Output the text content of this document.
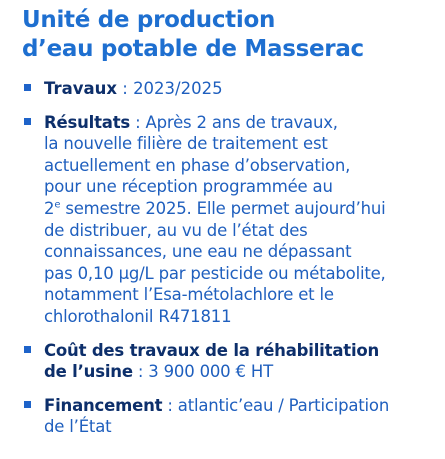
Unité de production
d’eau potable de Masserac
Travaux : 2023/2025
Résultats : Après 2 ans de travaux,
la nouvelle filière de traitement est
actuellement en phase d’observation,
pour une réception programmée au
2e semestre 2025. Elle permet aujourd’hui
de distribuer, au vu de l’état des
connaissances, une eau ne dépassant
pas 0,10 µg/L par pesticide ou métabolite,
notamment l’Esa-métolachlore et le
chlorothalonil R471811
Coût des travaux de la réhabilitation
de l’usine : 3 900 000 € HT
Financement : atlantic’eau / Participation
de l’État
